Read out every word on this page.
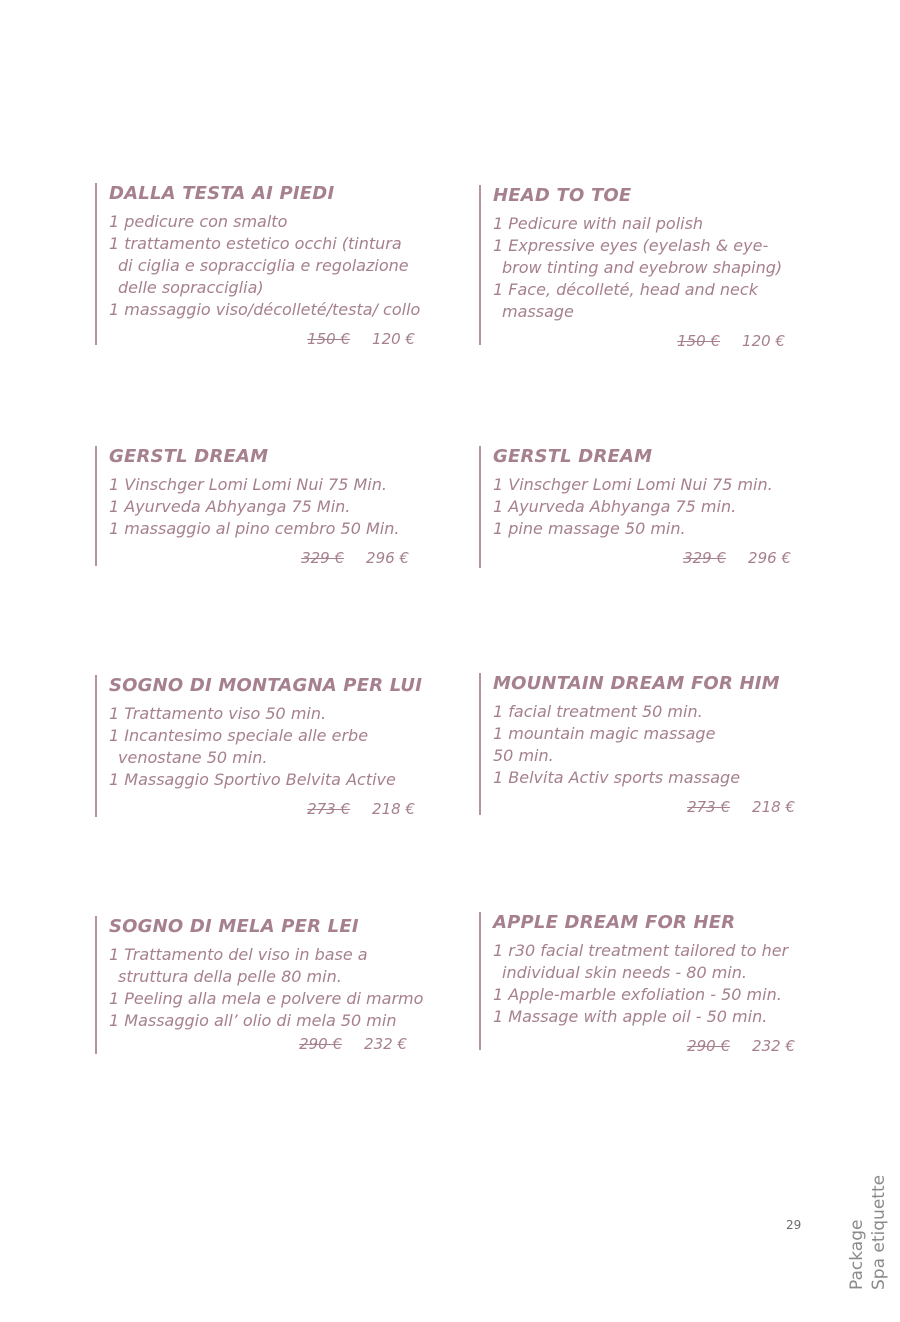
DALLA TESTA AI PIEDI
1 pedicure con smalto
1 trattamento estetico occhi (tintura
di ciglia e sopracciglia e regolazione
delle sopracciglia)
1 massaggio viso/décolleté/testa/ collo
150 € 120 €
HEAD TO TOE
1 Pedicure with nail polish
1 Expressive eyes (eyelash & eye-
brow tinting and eyebrow shaping)
1 Face, décolleté, head and neck
massage
150 € 120 €
GERSTL DREAM
1 Vinschger Lomi Lomi Nui 75 Min.
1 Ayurveda Abhyanga 75 Min.
1 massaggio al pino cembro 50 Min.
329 € 296 €
GERSTL DREAM
1 Vinschger Lomi Lomi Nui 75 min.
1 Ayurveda Abhyanga 75 min.
1 pine massage 50 min.
329 € 296 €
SOGNO DI MONTAGNA PER LUI
1 Trattamento viso 50 min.
1 Incantesimo speciale alle erbe
venostane 50 min.
1 Massaggio Sportivo Belvita Active
273 € 218 €
MOUNTAIN DREAM FOR HIM
1 facial treatment 50 min.
1 mountain magic massage
50 min.
1 Belvita Activ sports massage
273 € 218 €
SOGNO DI MELA PER LEI
1 Trattamento del viso in base a
struttura della pelle 80 min.
1 Peeling alla mela e polvere di marmo
1 Massaggio all’ olio di mela 50 min
290 € 232 €
APPLE DREAM FOR HER
1 r30 facial treatment tailored to her
individual skin needs - 80 min.
1 Apple-marble exfoliation - 50 min.
1 Massage with apple oil - 50 min.
290 € 232 €
29	Package Spa etiquette
